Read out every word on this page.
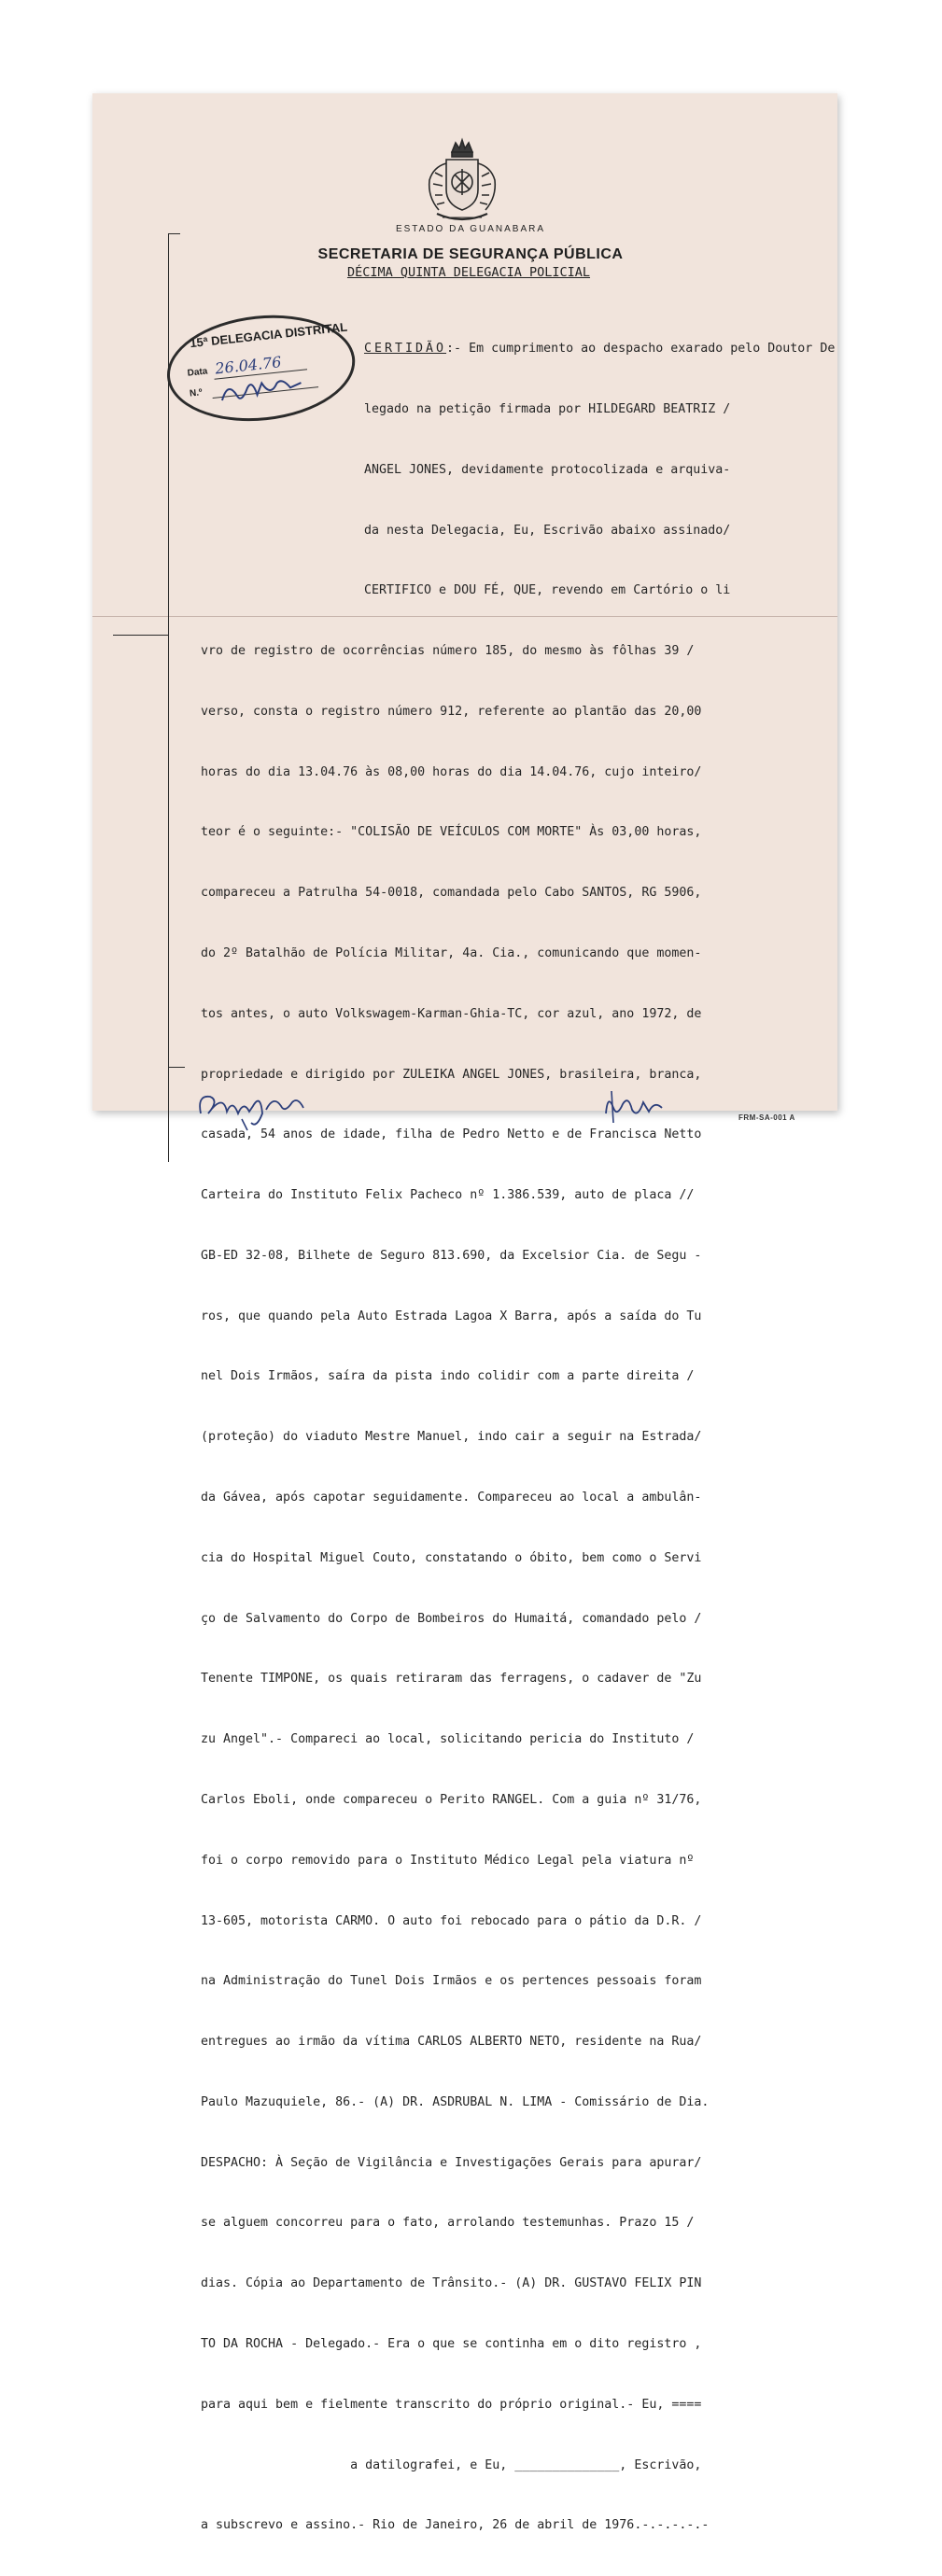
ESTADO DA GUANABARA
SECRETARIA DE SEGURANÇA PÚBLICA
DÉCIMA QUINTA DELEGACIA POLICIAL

CERTIDÃO:- Em cumprimento ao despacho exarado pelo Doutor De

legado na petição firmada por HILDEGARD BEATRIZ /

ANGEL JONES, devidamente protocolizada e arquiva-

da nesta Delegacia, Eu, Escrivão abaixo assinado/

CERTIFICO e DOU FÉ, QUE, revendo em Cartório o li

vro de registro de ocorrências número 185, do mesmo às fôlhas 39 /

verso, consta o registro número 912, referente ao plantão das 20,00

horas do dia 13.04.76 às 08,00 horas do dia 14.04.76, cujo inteiro/

teor é o seguinte:- "COLISÃO DE VEÍCULOS COM MORTE" Às 03,00 horas,

compareceu a Patrulha 54-0018, comandada pelo Cabo SANTOS, RG 5906,

do 2º Batalhão de Polícia Militar, 4a. Cia., comunicando que momen-

tos antes, o auto Volkswagem-Karman-Ghia-TC, cor azul, ano 1972, de

propriedade e dirigido por ZULEIKA ANGEL JONES, brasileira, branca,

casada, 54 anos de idade, filha de Pedro Netto e de Francisca Netto

Carteira do Instituto Felix Pacheco nº 1.386.539, auto de placa //

GB-ED 32-08, Bilhete de Seguro 813.690, da Excelsior Cia. de Segu -

ros, que quando pela Auto Estrada Lagoa X Barra, após a saída do Tu

nel Dois Irmãos, saíra da pista indo colidir com a parte direita /

(proteção) do viaduto Mestre Manuel, indo cair a seguir na Estrada/

da Gávea, após capotar seguidamente. Compareceu ao local a ambulân-

cia do Hospital Miguel Couto, constatando o óbito, bem como o Servi

ço de Salvamento do Corpo de Bombeiros do Humaitá, comandado pelo /

Tenente TIMPONE, os quais retiraram das ferragens, o cadaver de "Zu

zu Angel".- Compareci ao local, solicitando pericia do Instituto /

Carlos Eboli, onde compareceu o Perito RANGEL. Com a guia nº 31/76,

foi o corpo removido para o Instituto Médico Legal pela viatura nº

13-605, motorista CARMO. O auto foi rebocado para o pátio da D.R. /

na Administração do Tunel Dois Irmãos e os pertences pessoais foram

entregues ao irmão da vítima CARLOS ALBERTO NETO, residente na Rua/

Paulo Mazuquiele, 86.- (A) DR. ASDRUBAL N. LIMA - Comissário de Dia.

DESPACHO: À Seção de Vigilância e Investigações Gerais para apurar/

se alguem concorreu para o fato, arrolando testemunhas. Prazo 15 /

dias. Cópia ao Departamento de Trânsito.- (A) DR. GUSTAVO FELIX PIN

TO DA ROCHA - Delegado.- Era o que se continha em o dito registro ,

para aqui bem e fielmente transcrito do próprio original.- Eu, ====

a datilografei, e Eu, ______________, Escrivão,

a subscrevo e assino.- Rio de Janeiro, 26 de abril de 1976.-.-.-.-.-

15ª DELEGACIA DISTRITAL
Data 26.04.76
N.º
FRM-SA-001 A
